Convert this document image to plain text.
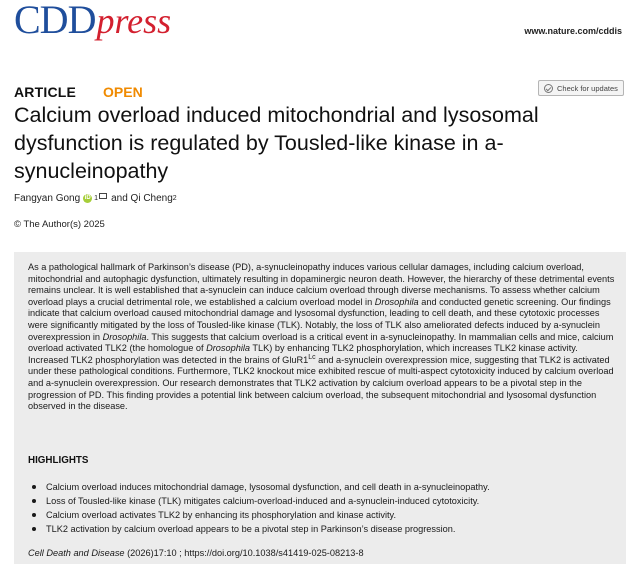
CDDpress	www.nature.com/cddis
ARTICLE OPEN	Check for updates
Calcium overload induced mitochondrial and lysosomal dysfunction is regulated by Tousled-like kinase in a-synucleinopathy
Fangyan Gong iD 1 and
Qi Cheng 2
© The Author(s) 2025

As a pathological hallmark of Parkinson’s disease (PD), a-synucleinopathy induces various cellular damages, including calcium overload, mitochondrial and autophagic dysfunction, ultimately resulting in dopaminergic neuron death. However, the hierarchy of these detrimental events remains unclear. It is well established that a-synuclein can induce calcium overload through diverse mechanisms. To assess whether calcium overload plays a crucial detrimental role, we established a calcium overload model in Drosophila and conducted genetic screening. Our findings indicate that calcium overload caused mitochondrial damage and lysosomal dysfunction, leading to cell death, and these cytotoxic processes were significantly mitigated by the loss of Tousled-like kinase (TLK). Notably, the loss of TLK also ameliorated defects induced by a-synuclein overexpression in Drosophila. This suggests that calcium overload is a critical event in a-synucleinopathy. In mammalian cells and mice, calcium overload activated TLK2 (the homologue of Drosophila TLK) by enhancing TLK2 phosphorylation, which increases TLK2 kinase activity. Increased TLK2 phosphorylation was detected in the brains of $GluR1^{Lc}$ and a-synuclein overexpression mice, suggesting that TLK2 is activated under these pathological conditions. Furthermore, TLK2 knockout mice exhibited rescue of multi-aspect cytotoxicity induced by calcium overload and a-synuclein overexpression. Our research demonstrates that TLK2 activation by calcium overload appears to be a pivotal step in the progression of PD. This finding provides a potential link between calcium overload, the subsequent mitochondrial and lysosomal dysfunction observed in the disease.

HIGHLIGHTS
Calcium overload induces mitochondrial damage, lysosomal dysfunction, and cell death in a-synucleinopathy.
Loss of Tousled-like kinase (TLK) mitigates calcium-overload-induced and a-synuclein-induced cytotoxicity.
Calcium overload activates TLK2 by enhancing its phosphorylation and kinase activity.
TLK2 activation by calcium overload appears to be a pivotal step in Parkinson’s disease progression.
Cell Death and Disease (2026)17:10 ; https://doi.org/10.1038/s41419-025-08213-8
